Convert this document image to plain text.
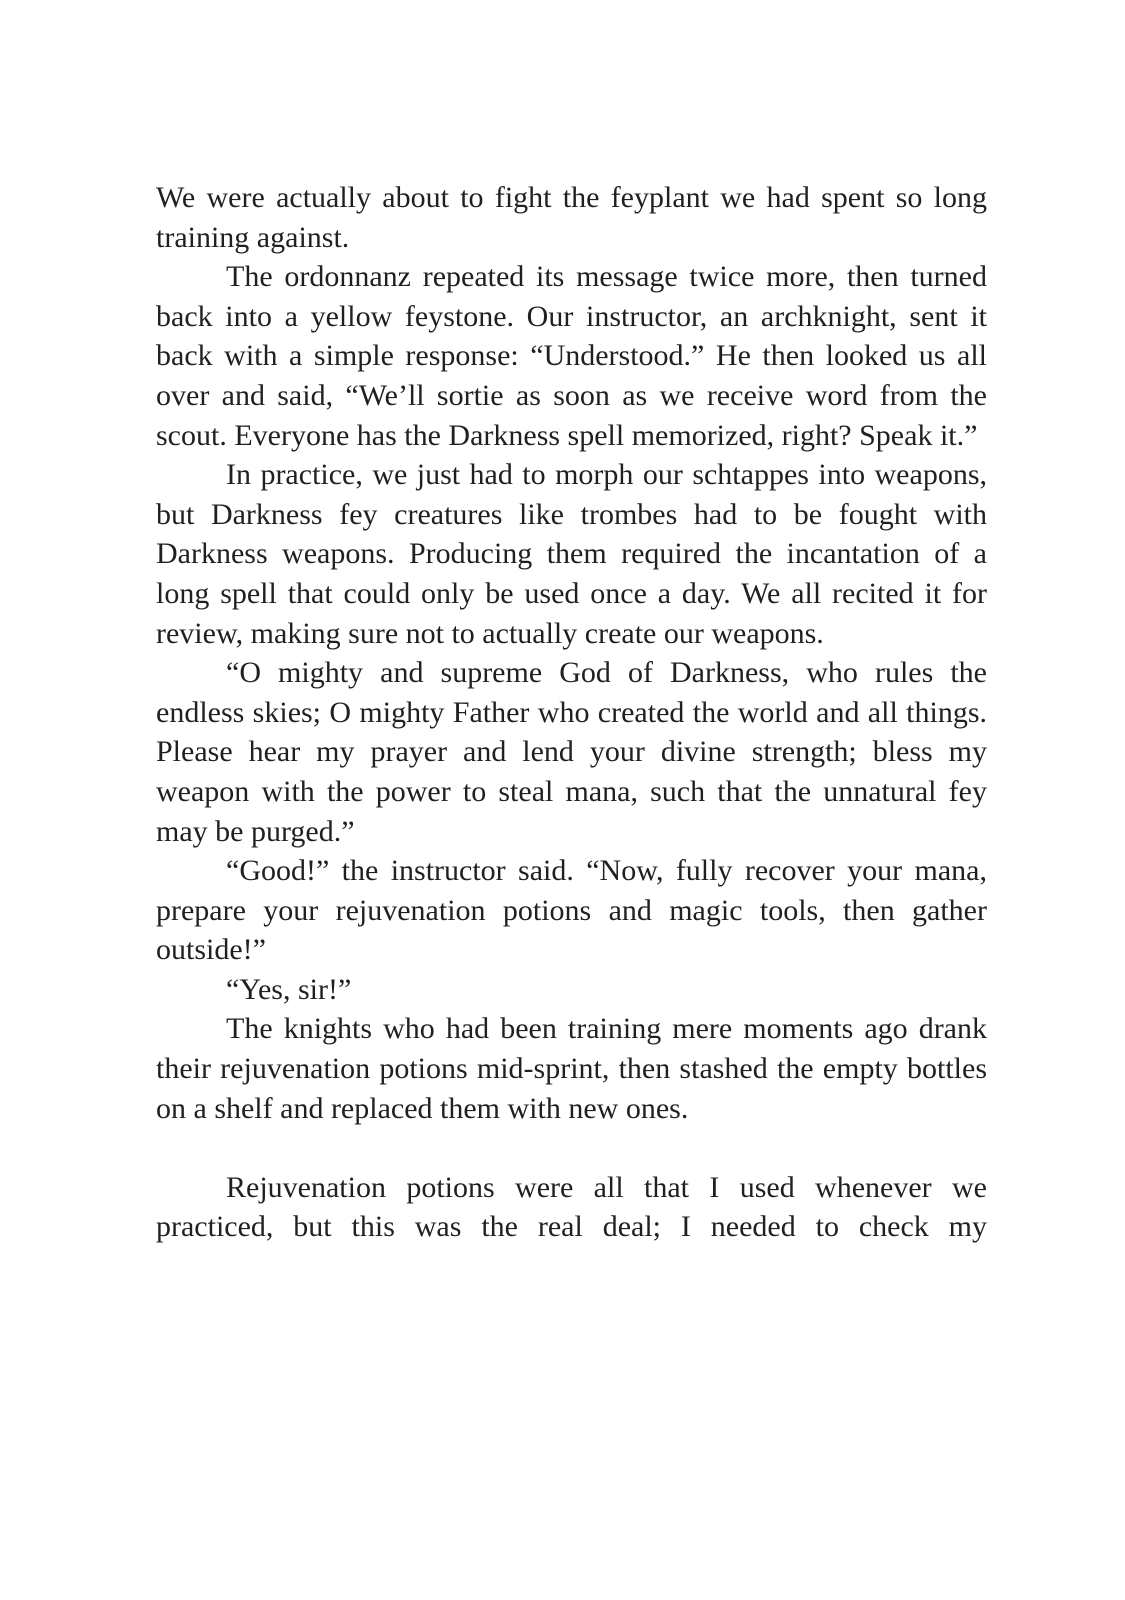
We were actually about to fight the feyplant we had spent so long training against.

The ordonnanz repeated its message twice more, then turned back into a yellow feystone. Our instructor, an archknight, sent it back with a simple response: “Understood.” He then looked us all over and said, “We’ll sortie as soon as we receive word from the scout. Everyone has the Darkness spell memorized, right? Speak it.”

In practice, we just had to morph our schtappes into weapons, but Darkness fey creatures like trombes had to be fought with Darkness weapons. Producing them required the incantation of a long spell that could only be used once a day. We all recited it for review, making sure not to actually create our weapons.

“O mighty and supreme God of Darkness, who rules the endless skies; O mighty Father who created the world and all things. Please hear my prayer and lend your divine strength; bless my weapon with the power to steal mana, such that the unnatural fey may be purged.”

“Good!” the instructor said. “Now, fully recover your mana, prepare your rejuvenation potions and magic tools, then gather outside!”

“Yes, sir!”

The knights who had been training mere moments ago drank their rejuvenation potions mid-sprint, then stashed the empty bottles on a shelf and replaced them with new ones.

Rejuvenation potions were all that I used whenever we practiced, but this was the real deal; I needed to check my
